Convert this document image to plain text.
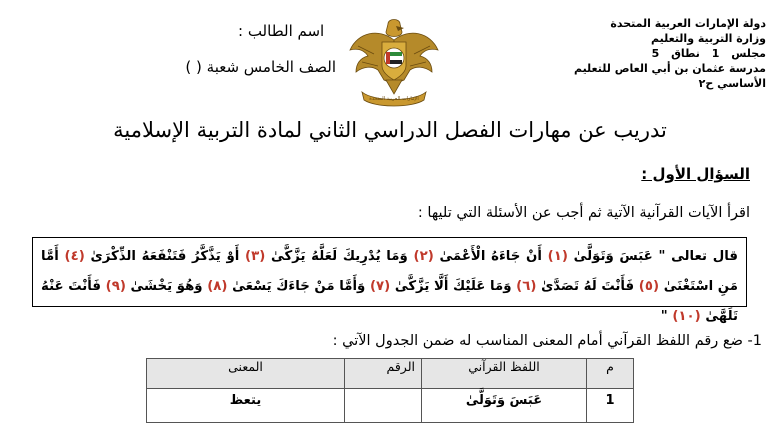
دولة الإمارات العربية المتحدة
وزارة التربية والتعليم
مجلس 1 نطاق 5
مدرسة عثمان بن أبي العاص للتعليم الأساسي ح٢
اسم الطالب :
الصف الخامس شعبة ( )
تدريب عن مهارات الفصل الدراسي الثاني لمادة التربية الإسلامية
السؤال الأول :
اقرأ الآيات القرآنية الآتية ثم أجب عن الأسئلة التي تليها :
قال تعالى " عَبَسَ وَتَوَلَّىٰ (١) أَنْ جَاءَهُ الْأَعْمَىٰ (٢) وَمَا يُدْرِيكَ لَعَلَّهُ يَزَّكَّىٰ (٣) أَوْ يَذَّكَّرُ فَتَنْفَعَهُ الذِّكْرَىٰ (٤) أَمَّا مَنِ اسْتَغْنَىٰ (٥) فَأَنْتَ لَهُ تَصَدَّىٰ (٦) وَمَا عَلَيْكَ أَلَّا يَزَّكَّىٰ (٧) وَأَمَّا مَنْ جَاءَكَ يَسْعَىٰ (٨) وَهُوَ يَخْشَىٰ (٩) فَأَنْتَ عَنْهُ تَلَهَّىٰ (١٠) "
1- ضع رقم اللفظ القرآني أمام المعنى المناسب له ضمن الجدول الآتي :
م	اللفظ القرآني	الرقم	المعنى
1	عَبَسَ وَتَوَلَّىٰ		يتعظ
الإمارات العربية المتحدة
